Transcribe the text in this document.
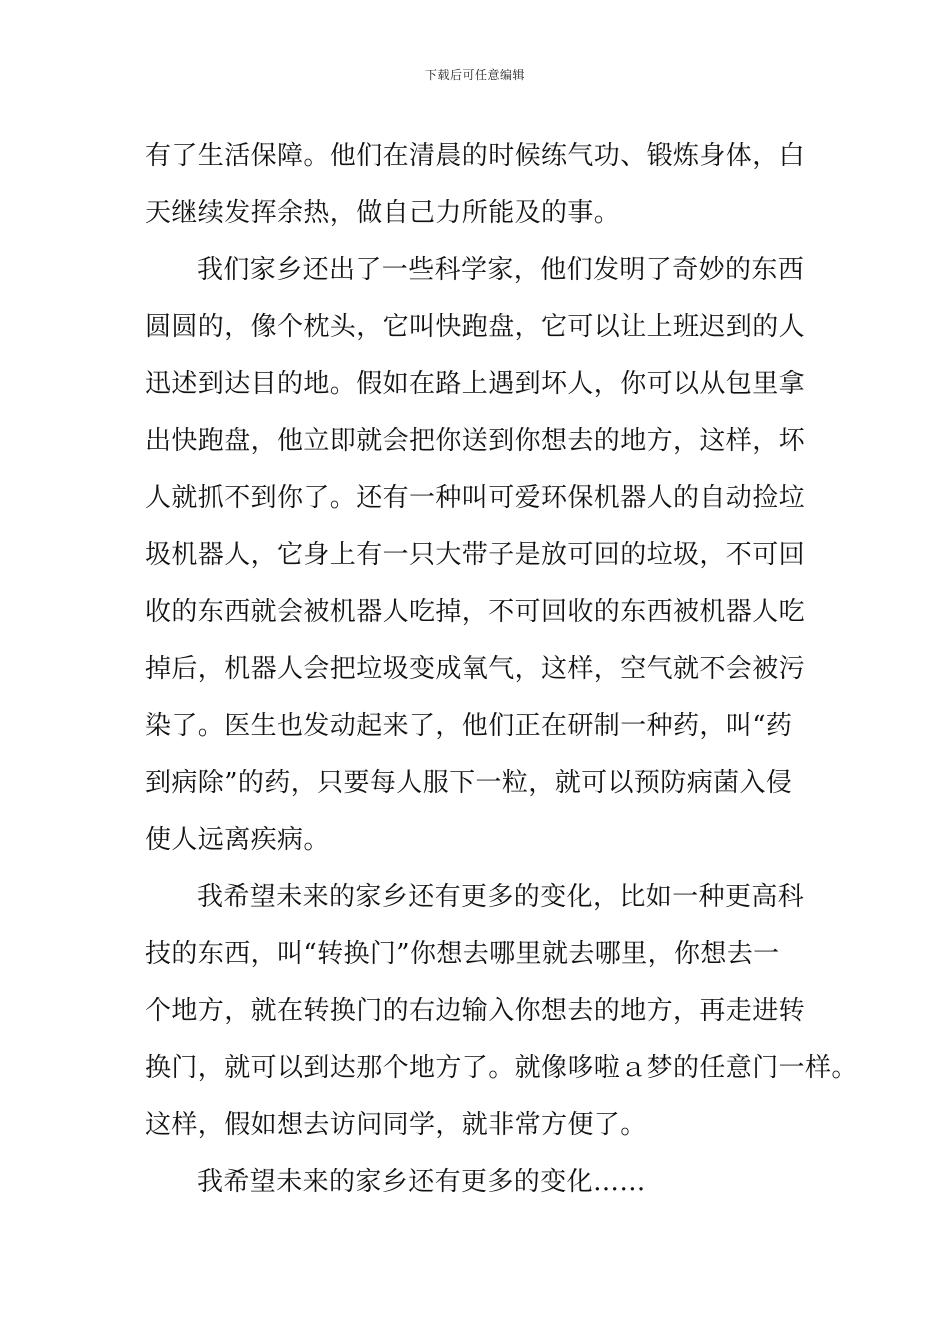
下载后可任意编辑
有了生活保障。他们在清晨的时候练气功、锻炼身体，白
天继续发挥余热，做自己力所能及的事。
我们家乡还出了一些科学家，他们发明了奇妙的东西
圆圆的，像个枕头，它叫快跑盘，它可以让上班迟到的人
迅述到达目的地。假如在路上遇到坏人，你可以从包里拿
出快跑盘，他立即就会把你送到你想去的地方，这样，坏
人就抓不到你了。还有一种叫可爱环保机器人的自动捡垃
圾机器人，它身上有一只大带子是放可回的垃圾，不可回
收的东西就会被机器人吃掉，不可回收的东西被机器人吃
掉后，机器人会把垃圾变成氧气，这样，空气就不会被污
染了。医生也发动起来了，他们正在研制一种药，叫“药
到病除”的药，只要每人服下一粒，就可以预防病菌入侵
使人远离疾病。
我希望未来的家乡还有更多的变化，比如一种更高科
技的东西，叫“转换门”你想去哪里就去哪里，你想去一
个地方，就在转换门的右边输入你想去的地方，再走进转
换门，就可以到达那个地方了。就像哆啦ａ梦的任意门一样。
这样，假如想去访问同学，就非常方便了。
我希望未来的家乡还有更多的变化……
